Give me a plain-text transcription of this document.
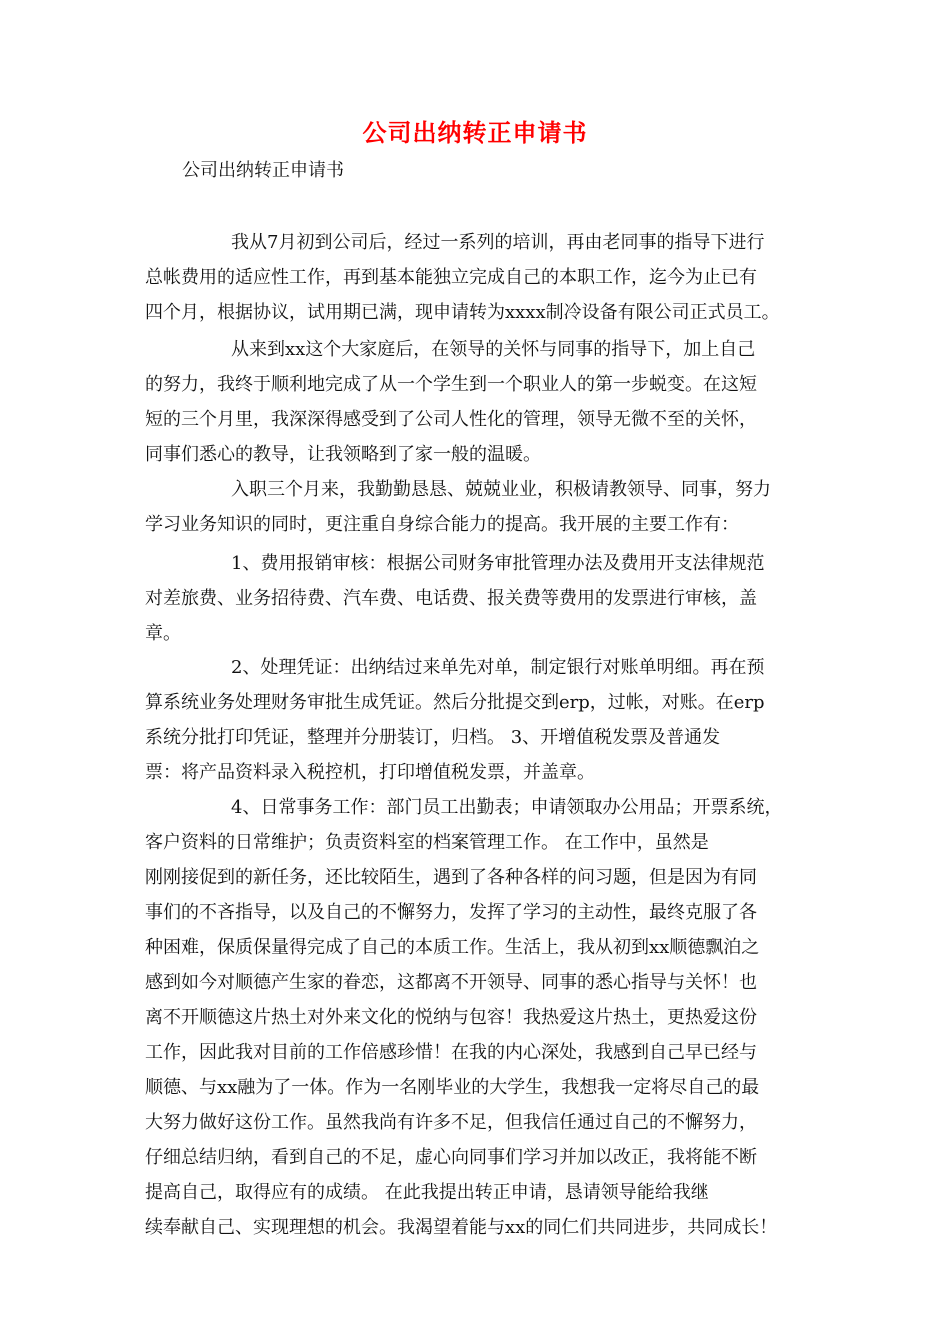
公司出纳转正申请书
公司出纳转正申请书
我从7月初到公司后，经过一系列的培训，再由老同事的指导下进行
总帐费用的适应性工作，再到基本能独立完成自己的本职工作，迄今为止已有
四个月，根据协议，试用期已满，现申请转为xxxx制冷设备有限公司正式员工。
从来到xx这个大家庭后，在领导的关怀与同事的指导下，加上自己
的努力，我终于顺利地完成了从一个学生到一个职业人的第一步蜕变。在这短
短的三个月里，我深深得感受到了公司人性化的管理，领导无微不至的关怀，
同事们悉心的教导，让我领略到了家一般的温暖。
入职三个月来，我勤勤恳恳、兢兢业业，积极请教领导、同事，努力
学习业务知识的同时，更注重自身综合能力的提高。我开展的主要工作有：
1、费用报销审核：根据公司财务审批管理办法及费用开支法律规范
对差旅费、业务招待费、汽车费、电话费、报关费等费用的发票进行审核，盖
章。
2、处理凭证：出纳结过来单先对单，制定银行对账单明细。再在预
算系统业务处理财务审批生成凭证。然后分批提交到erp，过帐，对账。在erp
系统分批打印凭证，整理并分册装订，归档。 3、开增值税发票及普通发
票：将产品资料录入税控机，打印增值税发票，并盖章。
4、日常事务工作：部门员工出勤表；申请领取办公用品；开票系统，
客户资料的日常维护；负责资料室的档案管理工作。 在工作中，虽然是
刚刚接促到的新任务，还比较陌生，遇到了各种各样的问习题，但是因为有同
事们的不吝指导，以及自己的不懈努力，发挥了学习的主动性，最终克服了各
种困难，保质保量得完成了自己的本质工作。生活上，我从初到xx顺德飘泊之
感到如今对顺德产生家的眷恋，这都离不开领导、同事的悉心指导与关怀！也
离不开顺德这片热土对外来文化的悦纳与包容！我热爱这片热土，更热爱这份
工作，因此我对目前的工作倍感珍惜！在我的内心深处，我感到自己早已经与
顺德、与xx融为了一体。作为一名刚毕业的大学生，我想我一定将尽自己的最
大努力做好这份工作。虽然我尚有许多不足，但我信任通过自己的不懈努力，
仔细总结归纳，看到自己的不足，虚心向同事们学习并加以改正，我将能不断
提高自己，取得应有的成绩。 在此我提出转正申请，恳请领导能给我继
续奉献自己、实现理想的机会。我渴望着能与xx的同仁们共同进步，共同成长！
